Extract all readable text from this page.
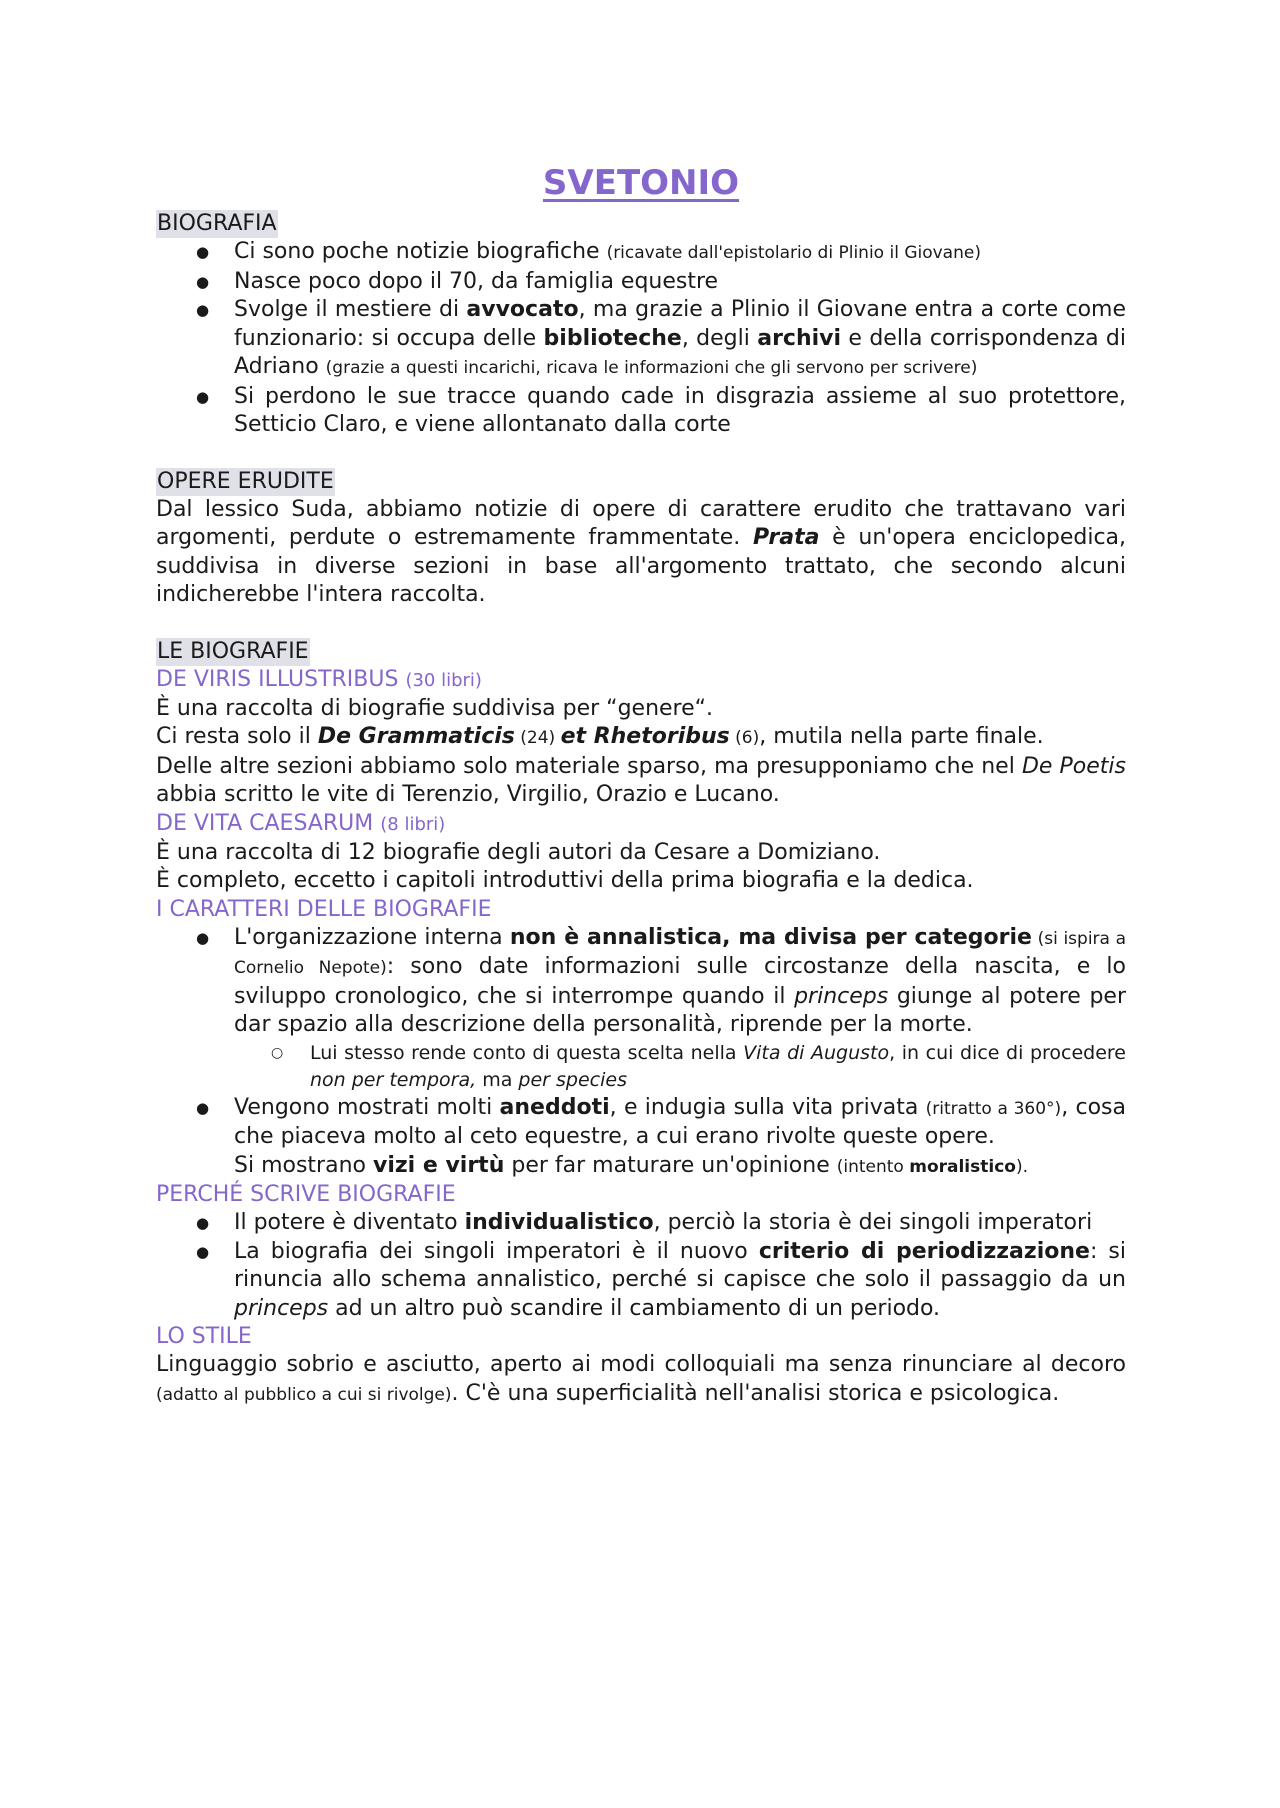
SVETONIO
BIOGRAFIA
● Ci sono poche notizie biografiche (ricavate dall'epistolario di Plinio il Giovane)
● Nasce poco dopo il 70, da famiglia equestre
● Svolge il mestiere di avvocato, ma grazie a Plinio il Giovane entra a corte come funzionario: si occupa delle biblioteche, degli archivi e della corrispondenza di Adriano (grazie a questi incarichi, ricava le informazioni che gli servono per scrivere)
● Si perdono le sue tracce quando cade in disgrazia assieme al suo protettore, Setticio Claro, e viene allontanato dalla corte
OPERE ERUDITE

Dal lessico Suda, abbiamo notizie di opere di carattere erudito che trattavano vari argomenti, perdute o estremamente frammentate. Prata è un'opera enciclopedica, suddivisa in diverse sezioni in base all'argomento trattato, che secondo alcuni indicherebbe l'intera raccolta.

LE BIOGRAFIE
DE VIRIS ILLUSTRIBUS (30 libri)

È una raccolta di biografie suddivisa per “genere“.

Ci resta solo il De Grammaticis (24) et Rhetoribus (6), mutila nella parte finale.

Delle altre sezioni abbiamo solo materiale sparso, ma presupponiamo che nel De Poetis abbia scritto le vite di Terenzio, Virgilio, Orazio e Lucano.

DE VITA CAESARUM (8 libri)

È una raccolta di 12 biografie degli autori da Cesare a Domiziano.

È completo, eccetto i capitoli introduttivi della prima biografia e la dedica.

I CARATTERI DELLE BIOGRAFIE
● L'organizzazione interna non è annalistica, ma divisa per categorie (si ispira a Cornelio Nepote): sono date informazioni sulle circostanze della nascita, e lo sviluppo cronologico, che si interrompe quando il princeps giunge al potere per dar spazio alla descrizione della personalità, riprende per la morte.
○ Lui stesso rende conto di questa scelta nella Vita di Augusto, in cui dice di procedere non per tempora, ma per species
● Vengono mostrati molti aneddoti, e indugia sulla vita privata (ritratto a 360°), cosa che piaceva molto al ceto equestre, a cui erano rivolte queste opere.
Si mostrano vizi e virtù per far maturare un'opinione (intento moralistico).
PERCHÉ SCRIVE BIOGRAFIE
● Il potere è diventato individualistico, perciò la storia è dei singoli imperatori
● La biografia dei singoli imperatori è il nuovo criterio di periodizzazione: si rinuncia allo schema annalistico, perché si capisce che solo il passaggio da un princeps ad un altro può scandire il cambiamento di un periodo.
LO STILE

Linguaggio sobrio e asciutto, aperto ai modi colloquiali ma senza rinunciare al decoro (adatto al pubblico a cui si rivolge). C'è una superficialità nell'analisi storica e psicologica.
